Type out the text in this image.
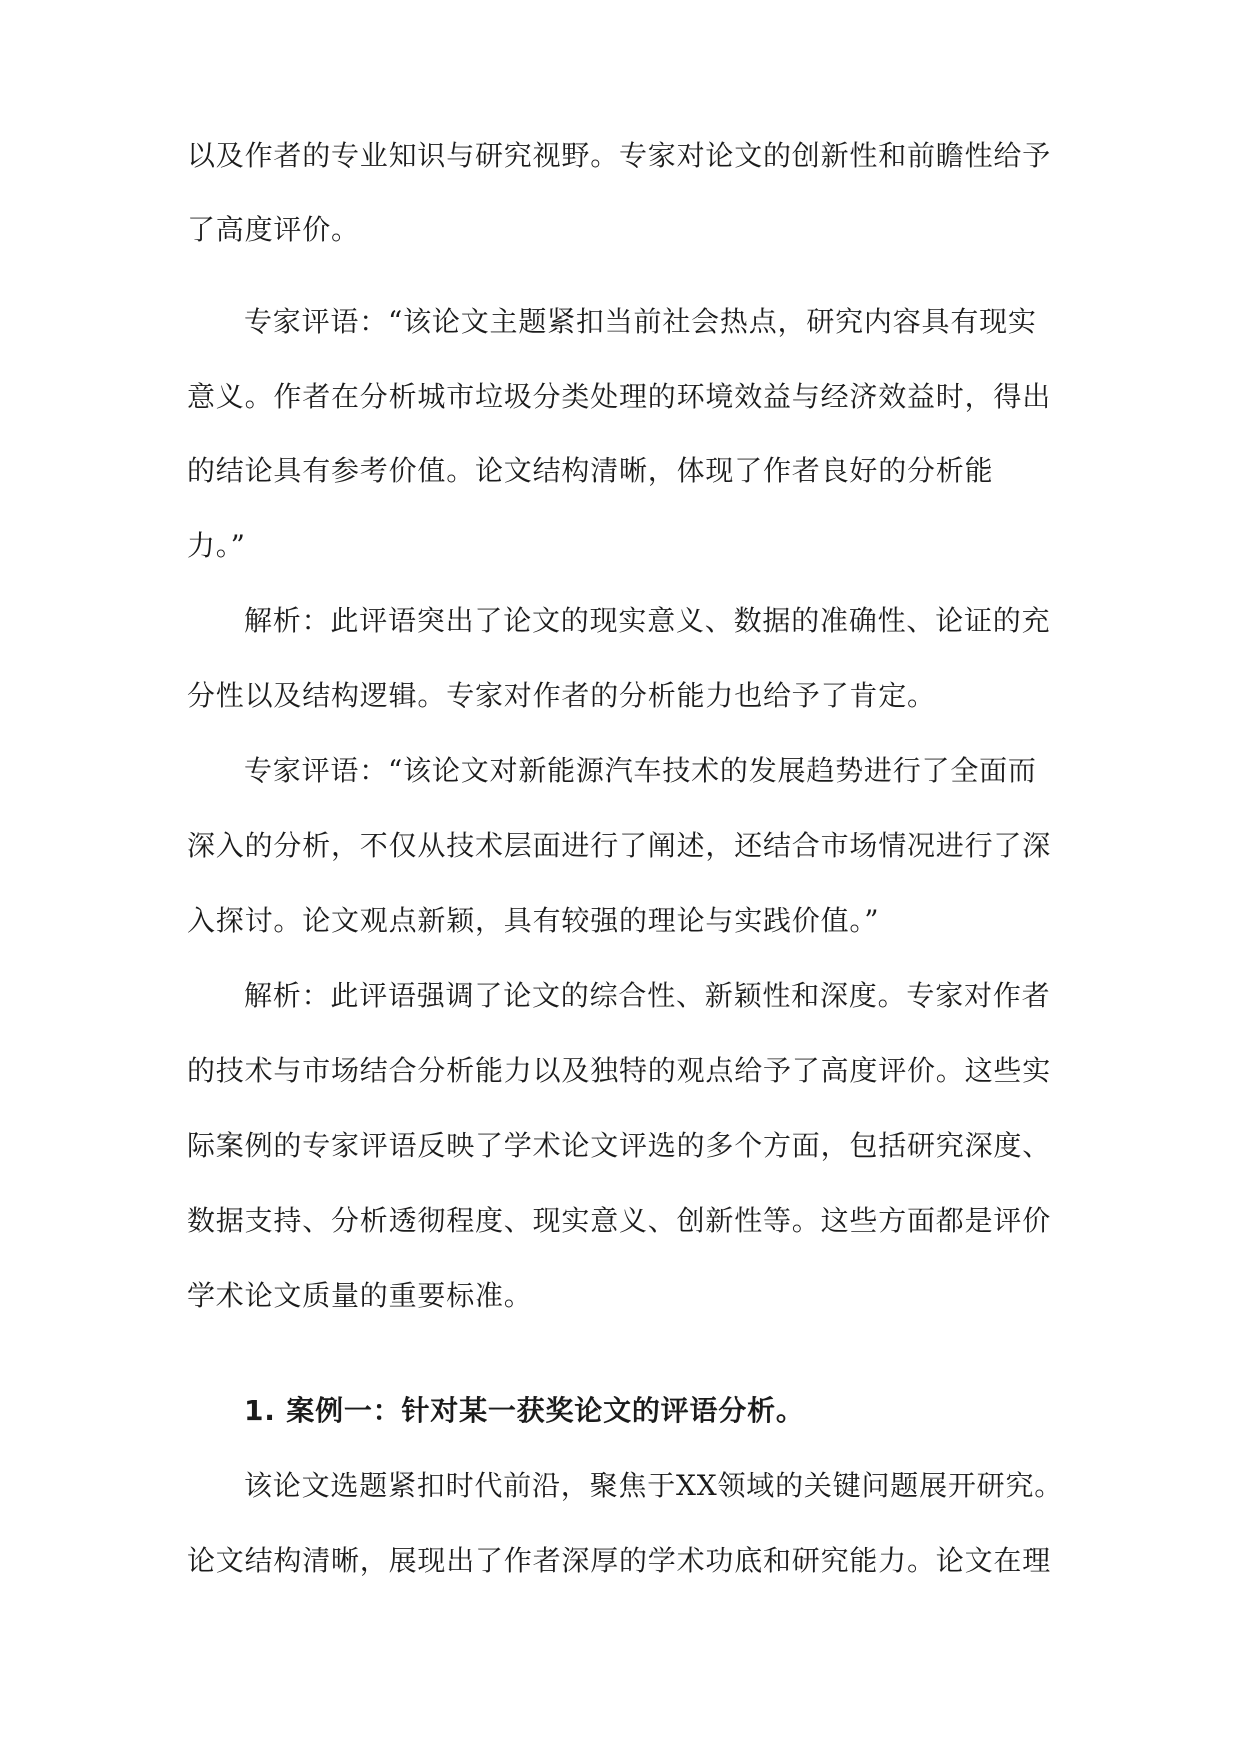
以及作者的专业知识与研究视野。专家对论文的创新性和前瞻性给予

了高度评价。

专家评语：“该论文主题紧扣当前社会热点，研究内容具有现实

意义。作者在分析城市垃圾分类处理的环境效益与经济效益时，得出

的结论具有参考价值。论文结构清晰，体现了作者良好的分析能

力。”

解析：此评语突出了论文的现实意义、数据的准确性、论证的充

分性以及结构逻辑。专家对作者的分析能力也给予了肯定。

专家评语：“该论文对新能源汽车技术的发展趋势进行了全面而

深入的分析，不仅从技术层面进行了阐述，还结合市场情况进行了深

入探讨。论文观点新颖，具有较强的理论与实践价值。”

解析：此评语强调了论文的综合性、新颖性和深度。专家对作者

的技术与市场结合分析能力以及独特的观点给予了高度评价。这些实

际案例的专家评语反映了学术论文评选的多个方面，包括研究深度、

数据支持、分析透彻程度、现实意义、创新性等。这些方面都是评价

学术论文质量的重要标准。

1. 案例一：针对某一获奖论文的评语分析。

该论文选题紧扣时代前沿，聚焦于XX领域的关键问题展开研究。

论文结构清晰，展现出了作者深厚的学术功底和研究能力。论文在理
